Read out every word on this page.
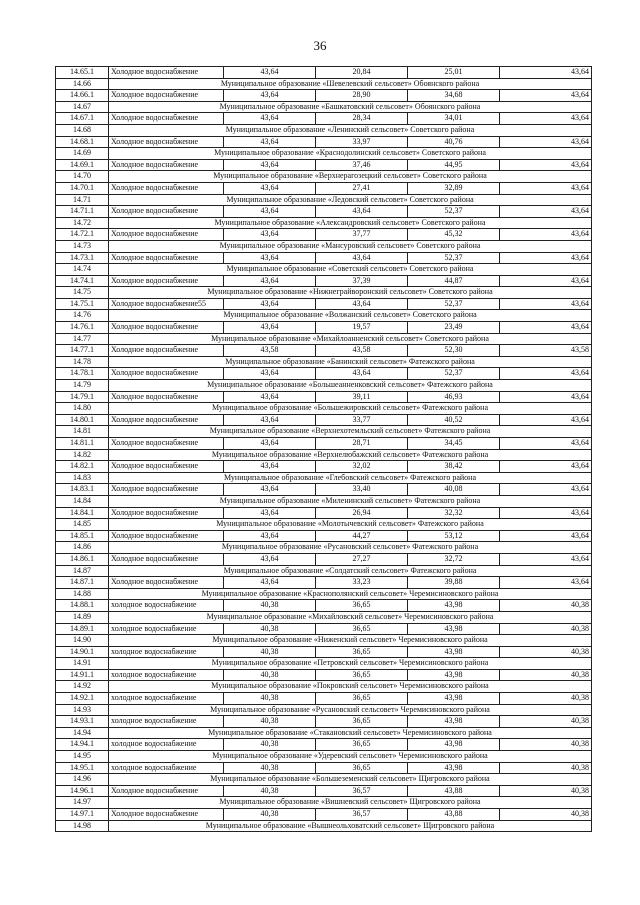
36
14.65.1	Холодное водоснабжение	43,64	20,84	25,01	43,64
14.66	Муниципальное образование «Шевелевский сельсовет» Обоянского района				
14.66.1	Холодное водоснабжение	43,64	28,90	34,68	43,64
14.67	Муниципальное образование «Башкатовский сельсовет» Обоянского района				
14.67.1	Холодное водоснабжение	43,64	28,34	34,01	43,64
14.68	Муниципальное образование «Ленинский сельсовет» Советского района				
14.68.1	Холодное водоснабжение	43,64	33,97	40,76	43,64
14.69	Муниципальное образование «Краснодолинский сельсовет» Советского района				
14.69.1	Холодное водоснабжение	43,64	37,46	44,95	43,64
14.70	Муниципальное образование «Верхнерагозецкий сельсовет» Советского района				
14.70.1	Холодное водоснабжение	43,64	27,41	32,89	43,64
14.71	Муниципальное образование «Ледовский сельсовет» Советского района				
14.71.1	Холодное водоснабжение	43,64	43,64	52,37	43,64
14.72	Муниципальное образование «Александровский сельсовет» Советского района				
14.72.1	Холодное водоснабжение	43,64	37,77	45,32	43,64
14.73	Муниципальное образование «Мансуровский сельсовет» Советского района				
14.73.1	Холодное водоснабжение	43,64	43,64	52,37	43,64
14.74	Муниципальное образование «Советский сельсовет» Советского района				
14.74.1	Холодное водоснабжение	43,64	37,39	44,87	43,64
14.75	Муниципальное образование «Нижнеграйворонский сельсовет» Советского района				
14.75.1	Холодное водоснабжение55	43,64	43,64	52,37	43,64
14.76	Муниципальное образование «Волжанский сельсовет» Советского района				
14.76.1	Холодное водоснабжение	43,64	19,57	23,49	43,64
14.77	Муниципальное образование «Михайлоанненский сельсовет» Советского района				
14.77.1	Холодное водоснабжение	43,58	43,58	52,30	43,58
14.78	Муниципальное образование «Банинский сельсовет» Фатежского района				
14.78.1	Холодное водоснабжение	43,64	43,64	52,37	43,64
14.79	Муниципальное образование «Большеанненковский сельсовет» Фатежского района				
14.79.1	Холодное водоснабжение	43,64	39,11	46,93	43,64
14.80	Муниципальное образование «Большежировский сельсовет» Фатежского района				
14.80.1	Холодное водоснабжение	43,64	33,77	40,52	43,64
14.81	Муниципальное образование «Верхнехотемльский сельсовет» Фатежского района				
14.81.1	Холодное водоснабжение	43,64	28,71	34,45	43,64
14.82	Муниципальное образование «Верхнелюбажский сельсовет» Фатежского района				
14.82.1	Холодное водоснабжение	43,64	32,02	38,42	43,64
14.83	Муниципальное образование «Глебовский сельсовет» Фатежского района				
14.83.1	Холодное водоснабжение	43,64	33,40	40,08	43,64
14.84	Муниципальное образование «Миленинский сельсовет» Фатежского района				
14.84.1	Холодное водоснабжение	43,64	26,94	32,32	43,64
14.85	Муниципальное образование «Молотычевский сельсовет» Фатежского района				
14.85.1	Холодное водоснабжение	43,64	44,27	53,12	43,64
14.86	Муниципальное образование «Русановский сельсовет» Фатежского района				
14.86.1	Холодное водоснабжение	43,64	27,27	32,72	43,64
14.87	Муниципальное образование «Солдатский сельсовет» Фатежского района				
14.87.1	Холодное водоснабжение	43,64	33,23	39,88	43,64
14.88	Муниципальное образование «Краснополянский сельсовет» Черемисиновского района				
14.88.1	холодное водоснабжение	40,38	36,65	43,98	40,38
14.89	Муниципальное образование «Михайловский сельсовет» Черемисиновского района				
14.89.1	холодное водоснабжение	40,38	36,65	43,98	40,38
14.90	Муниципальное образование «Ниженский сельсовет» Черемисиновского района				
14.90.1	холодное водоснабжение	40,38	36,65	43,98	40,38
14.91	Муниципальное образование «Петровский сельсовет» Черемисиновского района				
14.91.1	холодное водоснабжение	40,38	36,65	43,98	40,38
14.92	Муниципальное образование «Покровский сельсовет» Черемисиновского района				
14.92.1	холодное водоснабжение	40,38	36,65	43,98	40,38
14.93	Муниципальное образование «Русановский сельсовет» Черемисиновского района				
14.93.1	холодное водоснабжение	40,38	36,65	43,98	40,38
14.94	Муниципальное образование «Стакановский сельсовет» Черемисиновского района				
14.94.1	холодное водоснабжение	40,38	36,65	43,98	40,38
14.95	Муниципальное образование «Удеревский сельсовет» Черемисиновского района				
14.95.1	холодное водоснабжение	40,38	36,65	43,98	40,38
14.96	Муниципальное образование «Большеземенский сельсовет» Щигровского района				
14.96.1	Холодное водоснабжение	40,38	36,57	43,88	40,38
14.97	Муниципальное образование «Вишневский сельсовет» Щигровского района				
14.97.1	Холодное водоснабжение	40,38	36,57	43,88	40,38
14.98	Муниципальное образование «Вышнеольховатский сельсовет» Щигровского района				
